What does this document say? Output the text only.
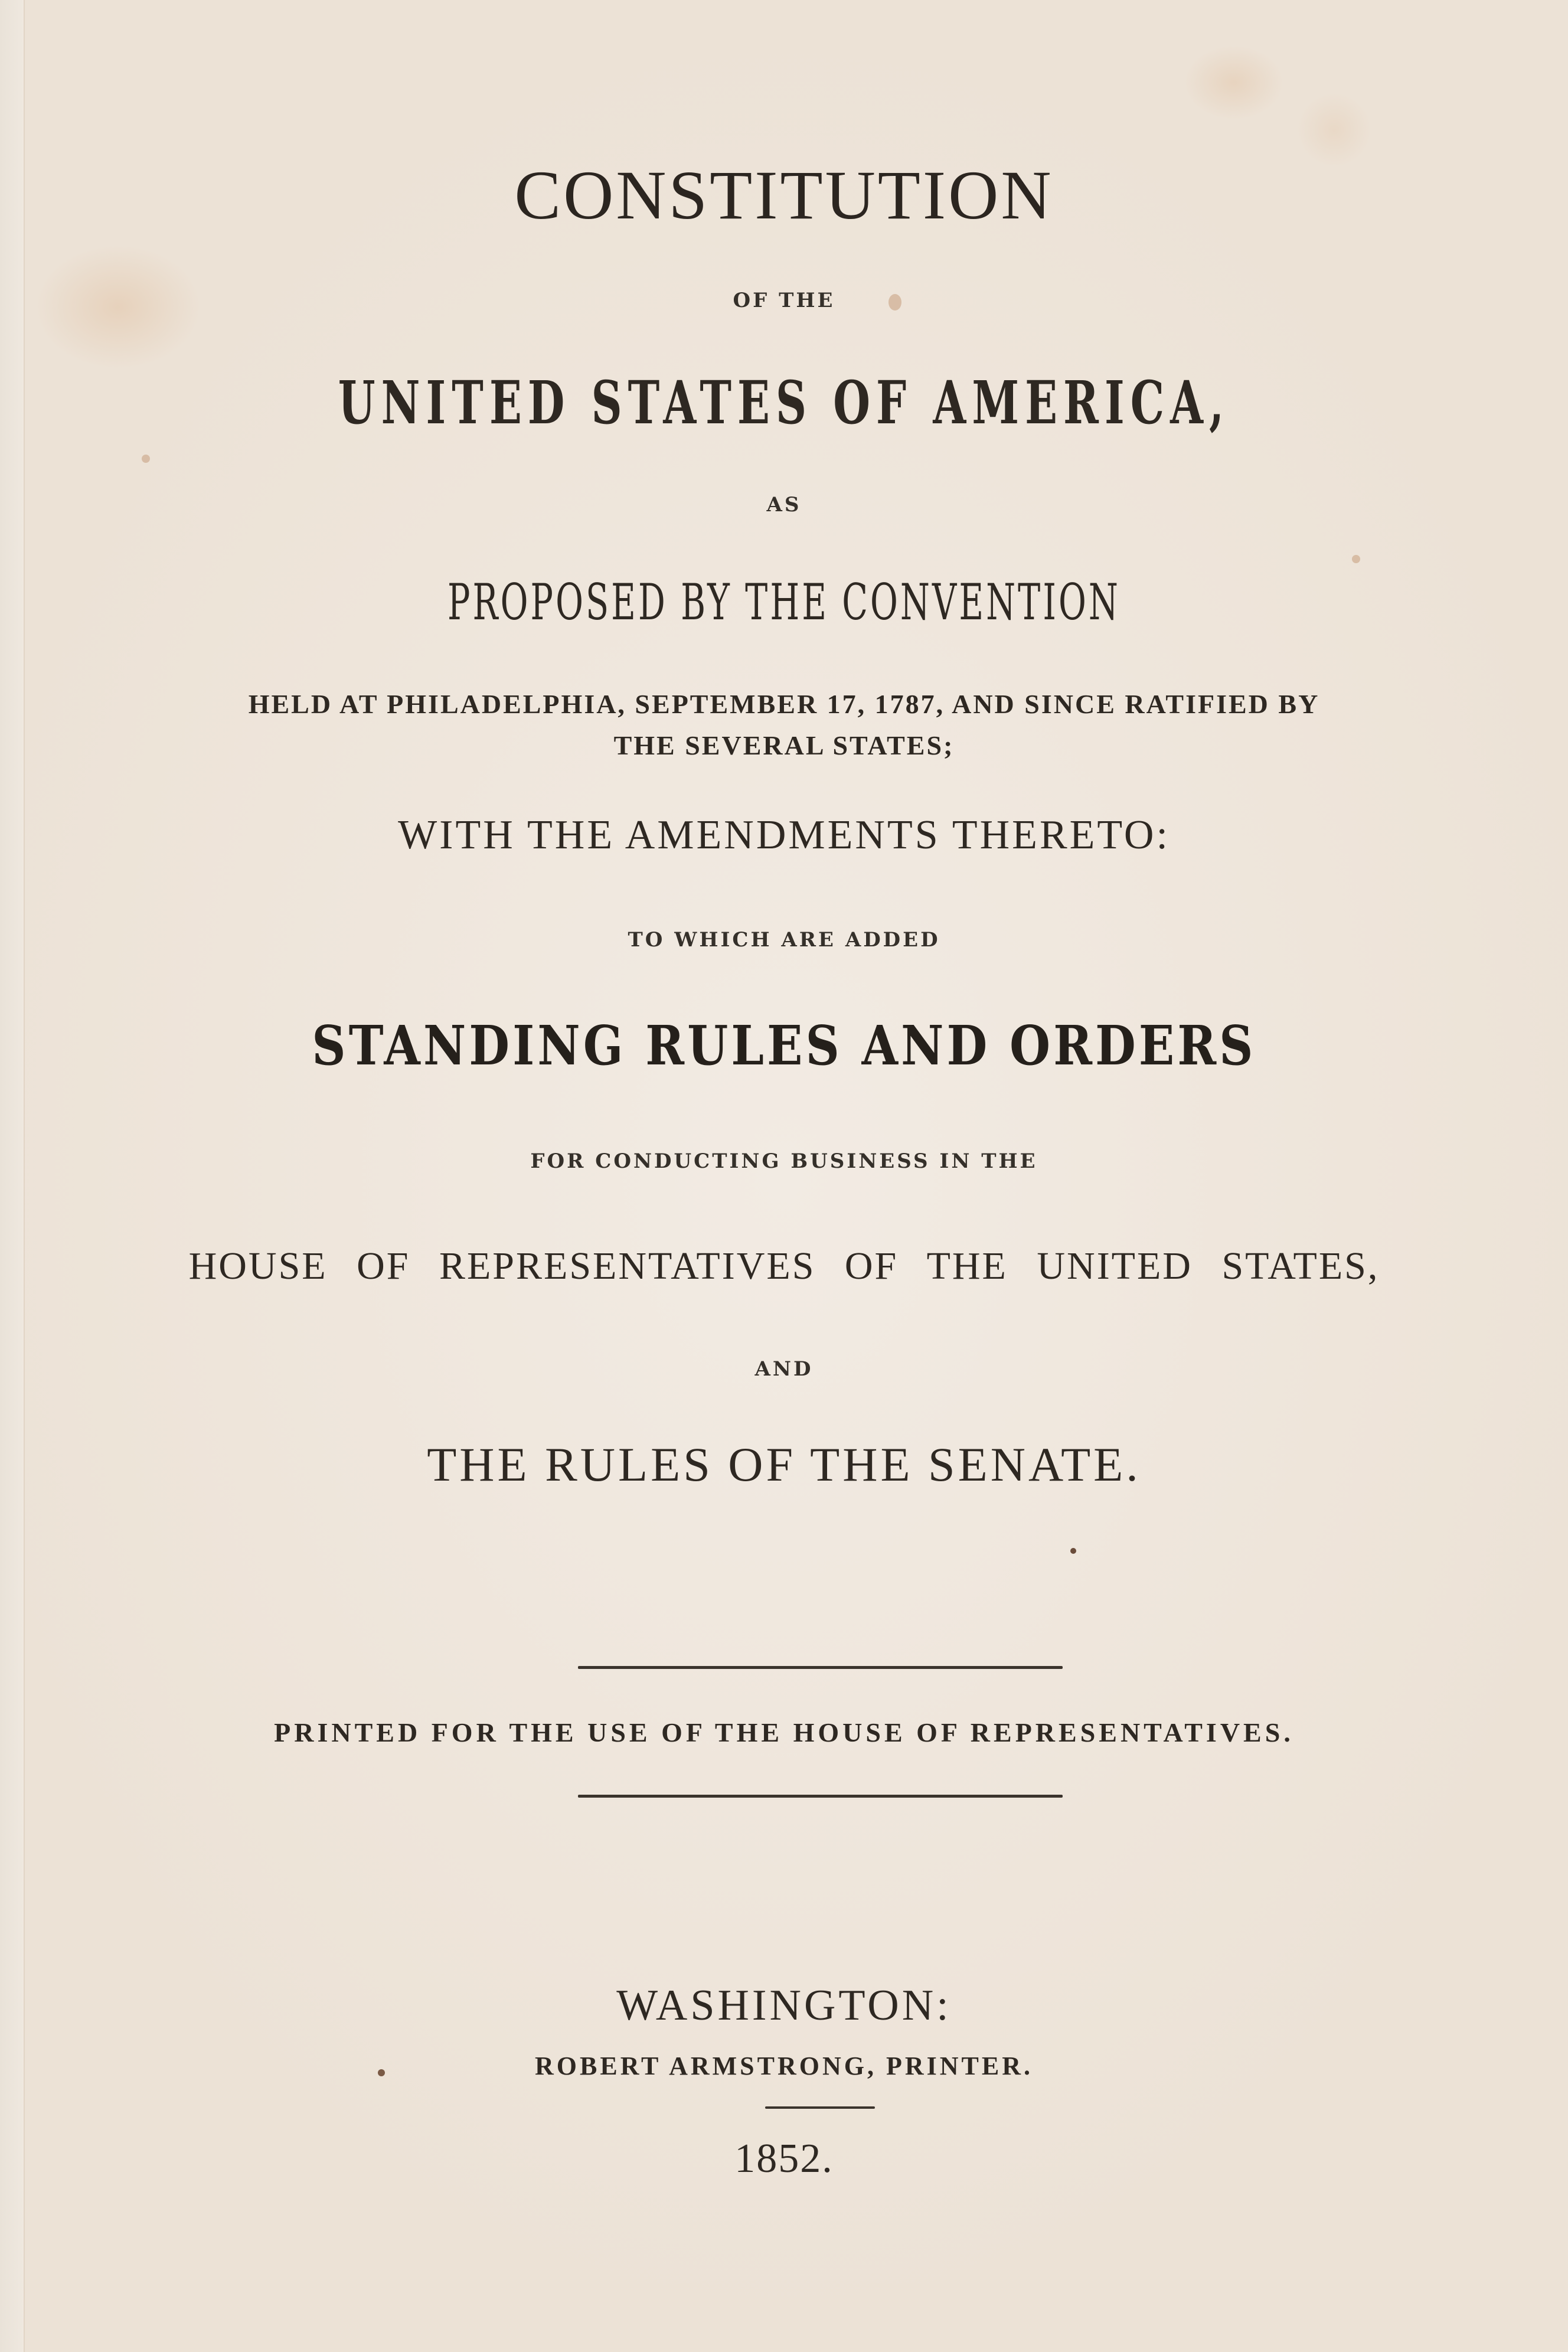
CONSTITUTION
OF THE
UNITED STATES OF AMERICA,
AS
PROPOSED BY THE CONVENTION
HELD AT PHILADELPHIA, SEPTEMBER 17, 1787, AND SINCE RATIFIED BY
THE SEVERAL STATES;
WITH THE AMENDMENTS THERETO:
TO WHICH ARE ADDED
STANDING RULES AND ORDERS
FOR CONDUCTING BUSINESS IN THE
HOUSE OF REPRESENTATIVES OF THE UNITED STATES,
AND
THE RULES OF THE SENATE.
PRINTED FOR THE USE OF THE HOUSE OF REPRESENTATIVES.
WASHINGTON:
ROBERT ARMSTRONG, PRINTER.
1852.
